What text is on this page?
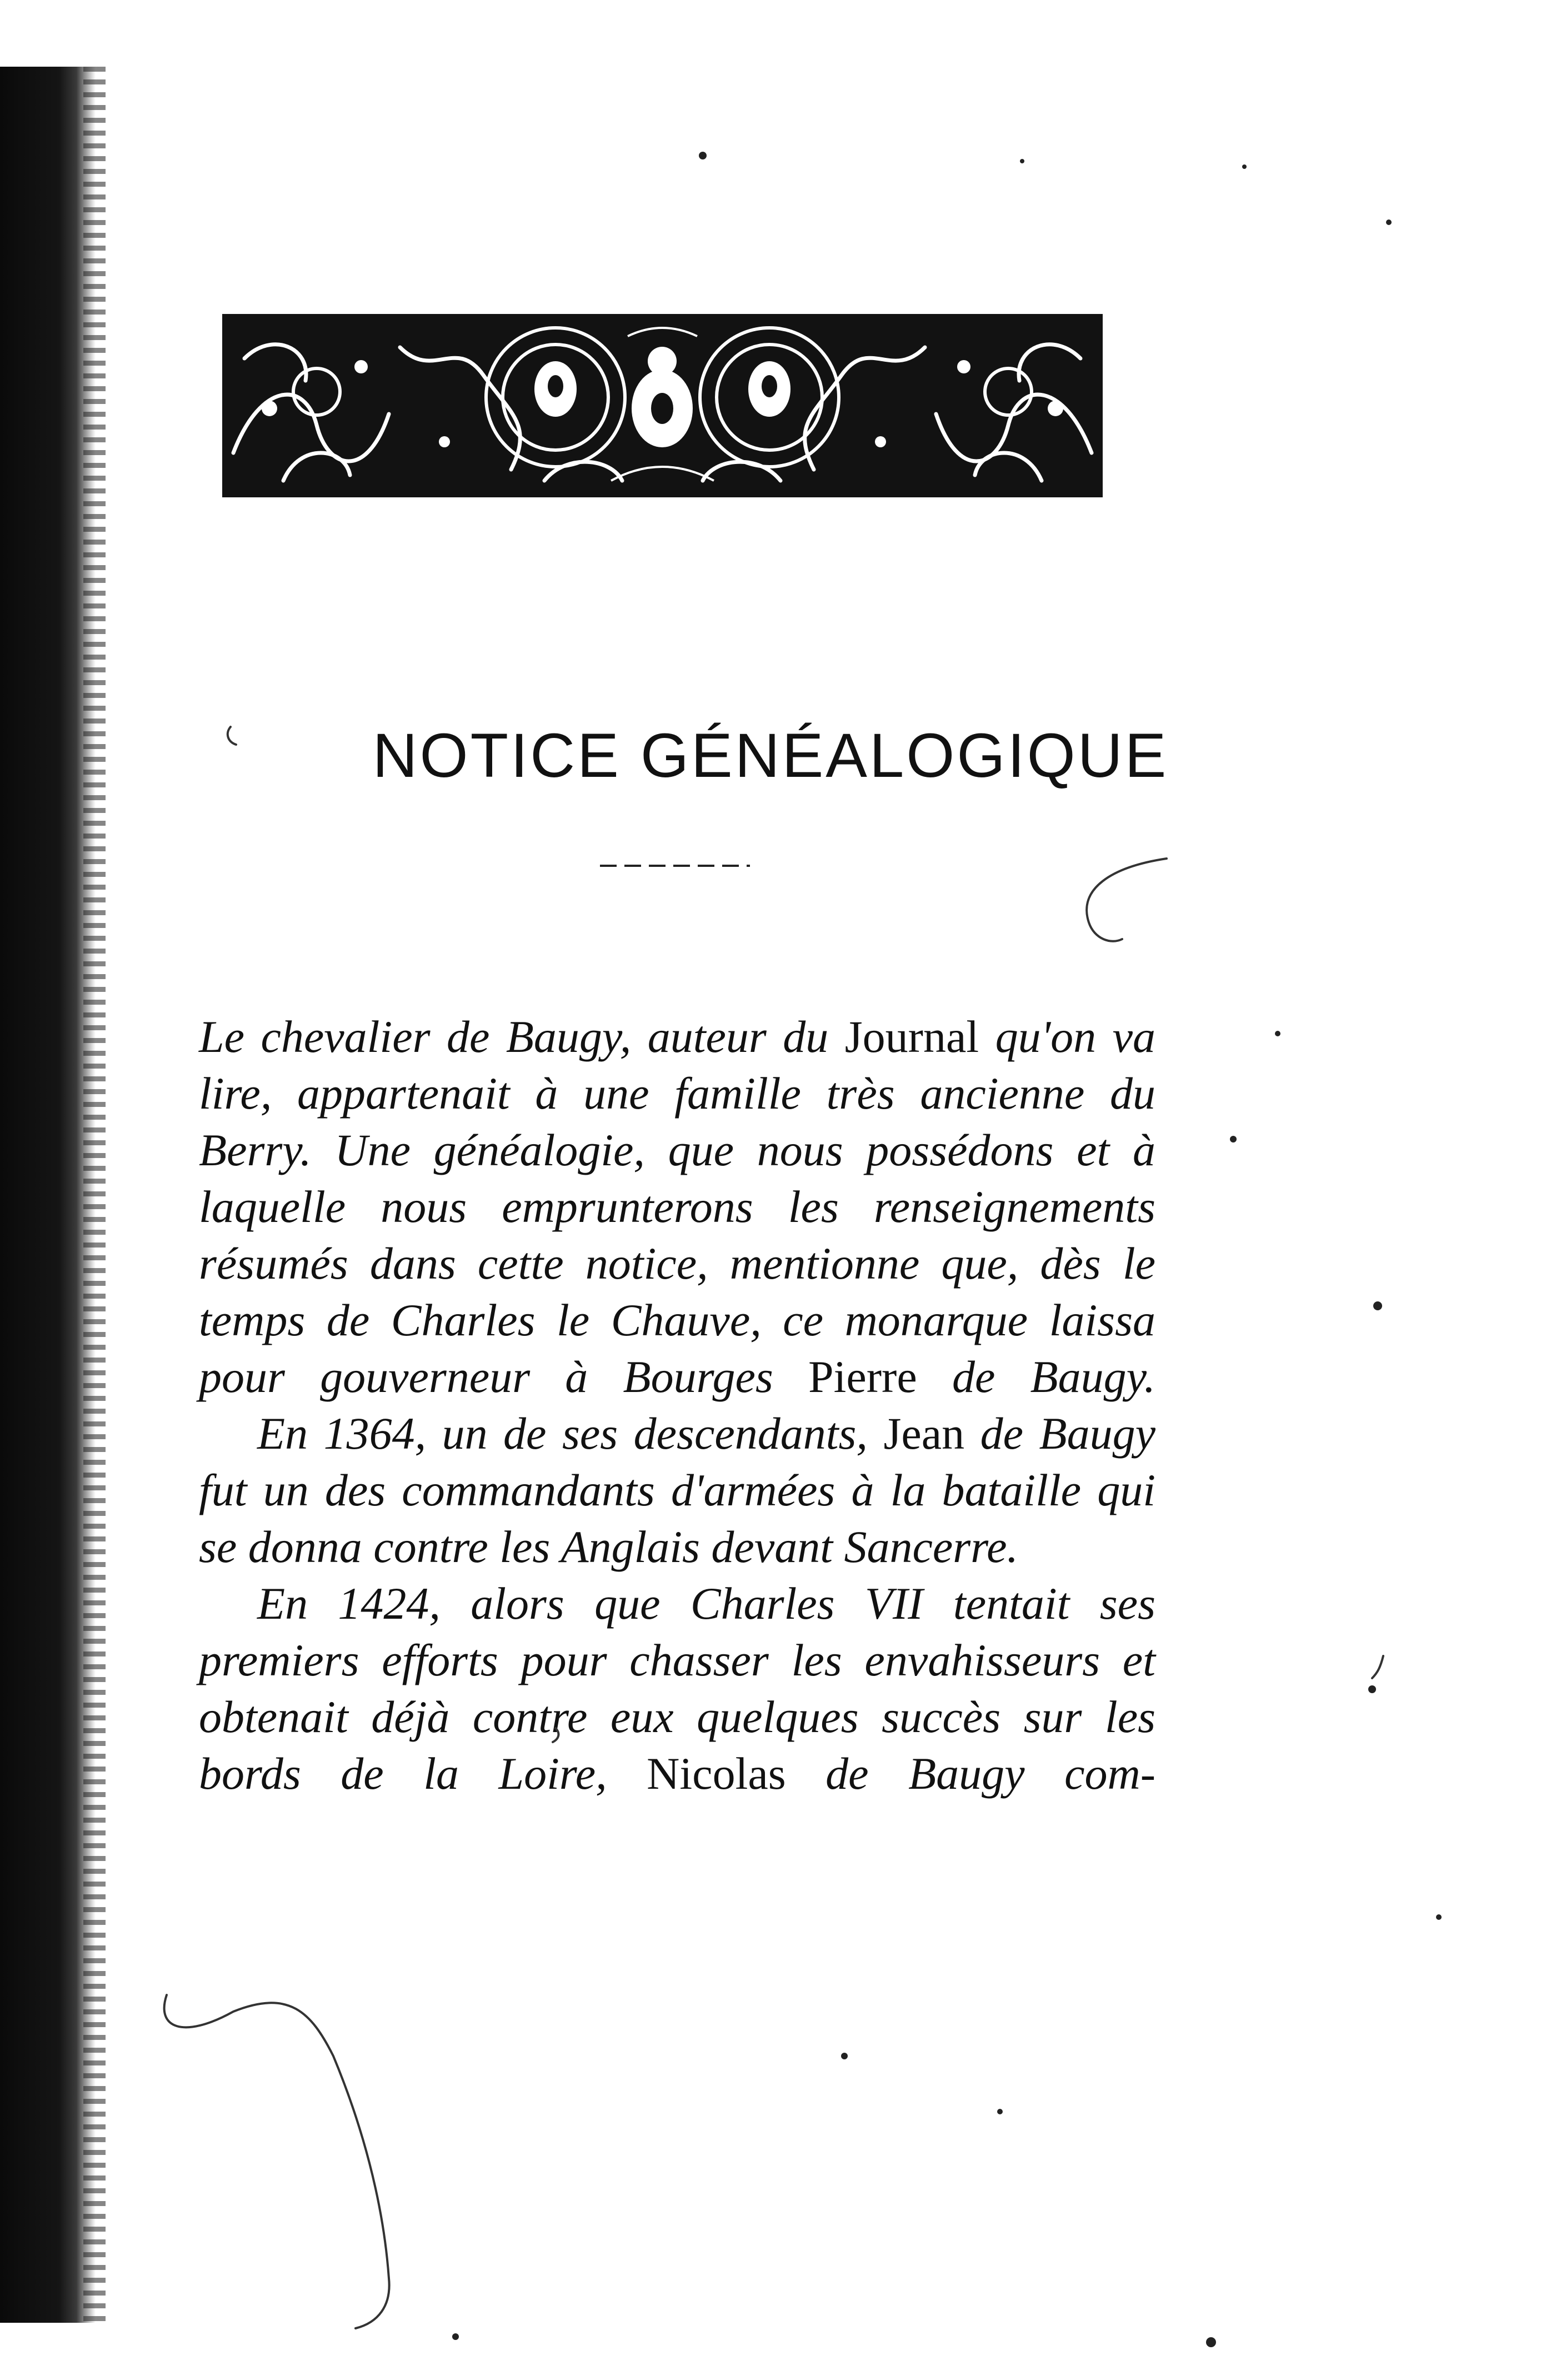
NOTICE GÉNÉALOGIQUE

Le chevalier de Baugy, auteur du Journal qu'on va lire, appartenait à une famille très ancienne du Berry. Une généalogie, que nous possédons et à laquelle nous emprunterons les renseignements résumés dans cette notice, mentionne que, dès le temps de Charles le Chauve, ce monarque laissa pour gouverneur à Bourges Pierre de Baugy.

En 1364, un de ses descendants, Jean de Baugy fut un des commandants d'armées à la bataille qui se donna contre les Anglais devant Sancerre.

En 1424, alors que Charles VII tentait ses premiers efforts pour chasser les envahisseurs et obtenait déjà contre eux quelques succès sur les bords de la Loire, Nicolas de Baugy com-
